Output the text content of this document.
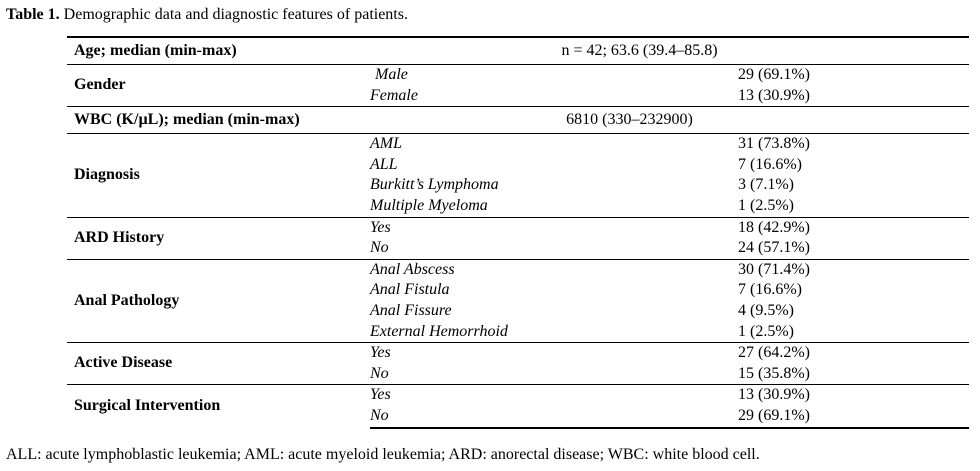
Table 1. Demographic data and diagnostic features of patients.
Age; median (min-max)	n = 42; 63.6 (39.4–85.8)	
Gender	Male	29 (69.1%)
	Female	13 (30.9%)
WBC (K/µL); median (min-max)	6810 (330–232900)	
Diagnosis	AML	31 (73.8%)
	ALL	7 (16.6%)
	Burkitt’s Lymphoma	3 (7.1%)
	Multiple Myeloma	1 (2.5%)
ARD History	Yes	18 (42.9%)
	No	24 (57.1%)
Anal Pathology	Anal Abscess	30 (71.4%)
	Anal Fistula	7 (16.6%)
	Anal Fissure	4 (9.5%)
	External Hemorrhoid	1 (2.5%)
Active Disease	Yes	27 (64.2%)
	No	15 (35.8%)
Surgical Intervention	Yes	13 (30.9%)
	No	29 (69.1%)
ALL: acute lymphoblastic leukemia; AML: acute myeloid leukemia; ARD: anorectal disease; WBC: white blood cell.
